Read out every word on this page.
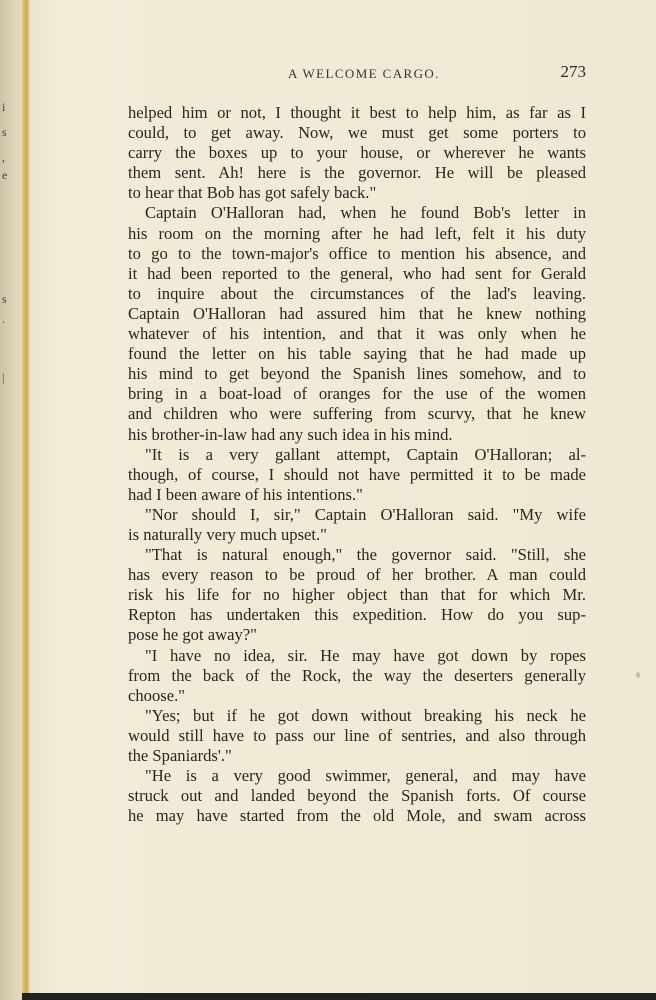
i
s
,
e
s
.
|
A WELCOME CARGO.	273
helped him or not, I thought it best to help him, as far as I
could, to get away. Now, we must get some porters to
carry the boxes up to your house, or wherever he wants
them sent. Ah! here is the governor. He will be pleased
to hear that Bob has got safely back."
Captain O'Halloran had, when he found Bob's letter in
his room on the morning after he had left, felt it his duty
to go to the town-major's office to mention his absence, and
it had been reported to the general, who had sent for Gerald
to inquire about the circumstances of the lad's leaving.
Captain O'Halloran had assured him that he knew nothing
whatever of his intention, and that it was only when he
found the letter on his table saying that he had made up
his mind to get beyond the Spanish lines somehow, and to
bring in a boat-load of oranges for the use of the women
and children who were suffering from scurvy, that he knew
his brother-in-law had any such idea in his mind.
"It is a very gallant attempt, Captain O'Halloran; al-
though, of course, I should not have permitted it to be made
had I been aware of his intentions."
"Nor should I, sir," Captain O'Halloran said. "My wife
is naturally very much upset."
"That is natural enough," the governor said. "Still, she
has every reason to be proud of her brother. A man could
risk his life for no higher object than that for which Mr.
Repton has undertaken this expedition. How do you sup-
pose he got away?"
"I have no idea, sir. He may have got down by ropes
from the back of the Rock, the way the deserters generally
choose."
"Yes; but if he got down without breaking his neck he
would still have to pass our line of sentries, and also through
the Spaniards'."
"He is a very good swimmer, general, and may have
struck out and landed beyond the Spanish forts. Of course
he may have started from the old Mole, and swam across
